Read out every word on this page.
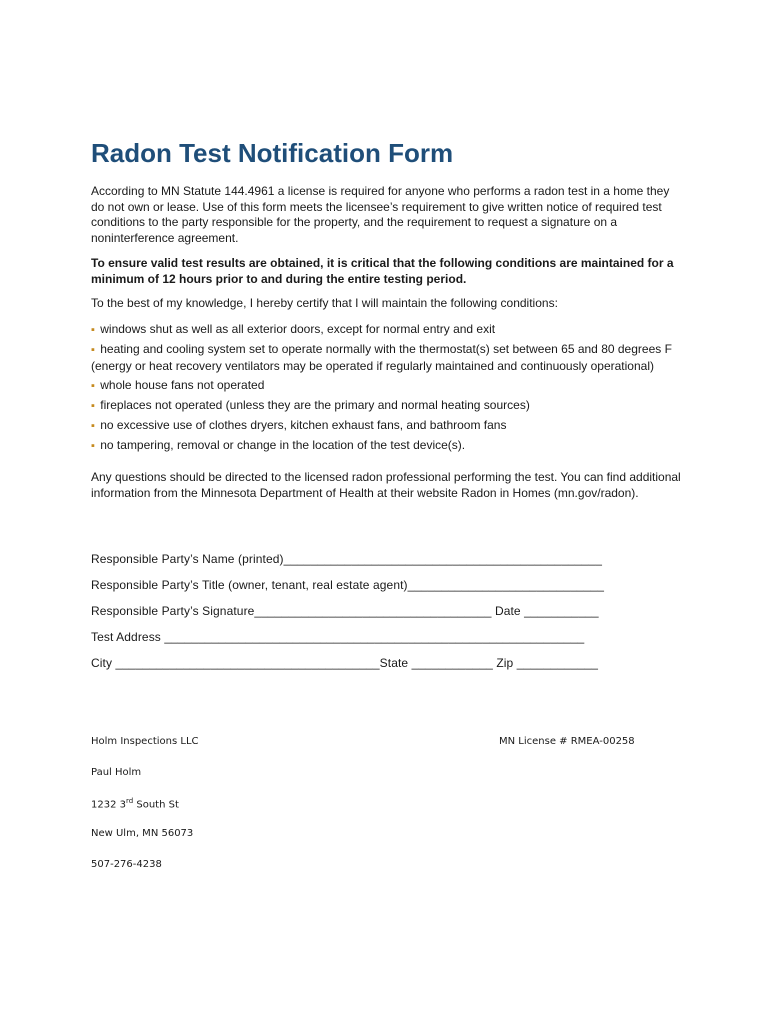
Radon Test Notification Form

According to MN Statute 144.4961 a license is required for anyone who performs a radon test in a home they do not own or lease. Use of this form meets the licensee’s requirement to give written notice of required test conditions to the party responsible for the property, and the requirement to request a signature on a noninterference agreement.

To ensure valid test results are obtained, it is critical that the following conditions are maintained for a minimum of 12 hours prior to and during the entire testing period.

To the best of my knowledge, I hereby certify that I will maintain the following conditions:

▪ windows shut as well as all exterior doors, except for normal entry and exit
▪ heating and cooling system set to operate normally with the thermostat(s) set between 65 and 80 degrees F (energy or heat recovery ventilators may be operated if regularly maintained and continuously operational)
▪ whole house fans not operated
▪ fireplaces not operated (unless they are the primary and normal heating sources)
▪ no excessive use of clothes dryers, kitchen exhaust fans, and bathroom fans
▪ no tampering, removal or change in the location of the test device(s).

Any questions should be directed to the licensed radon professional performing the test. You can find additional information from the Minnesota Department of Health at their website Radon in Homes (mn.gov/radon).

Responsible Party’s Name (printed)_______________________________________________

Responsible Party’s Title (owner, tenant, real estate agent)_____________________________

Responsible Party’s Signature___________________________________ Date ___________

Test Address ______________________________________________________________

City _______________________________________State ____________ Zip ____________

Holm Inspections LLC	MN License # RMEA-00258

Paul Holm

1232 3rd South St

New Ulm, MN 56073

507-276-4238
